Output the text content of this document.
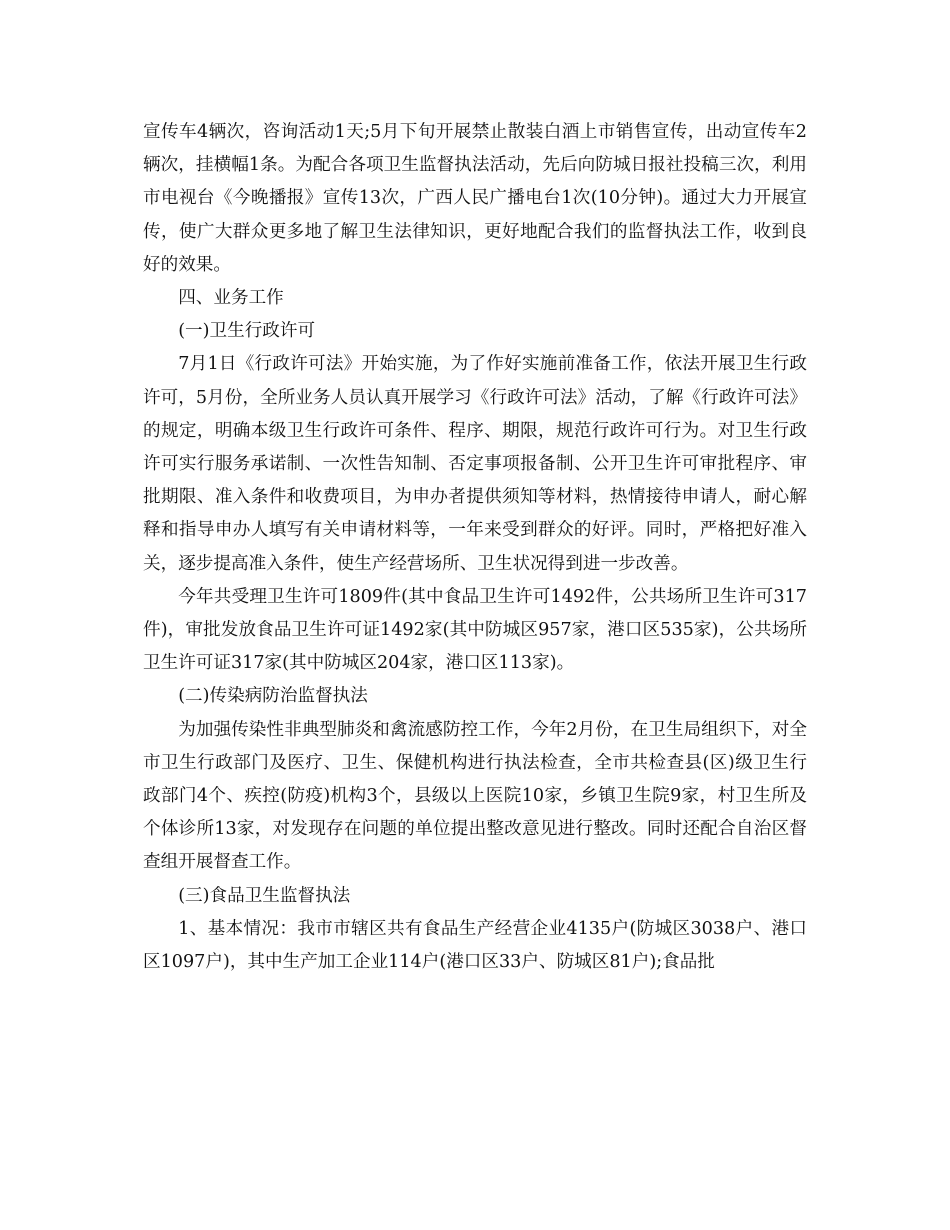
宣传车4辆次，咨询活动1天;5月下旬开展禁止散装白酒上市销售宣传，出动宣传车2辆次，挂横幅1条。为配合各项卫生监督执法活动，先后向防城日报社投稿三次，利用市电视台《今晚播报》宣传13次，广西人民广播电台1次(10分钟)。通过大力开展宣传，使广大群众更多地了解卫生法律知识，更好地配合我们的监督执法工作，收到良好的效果。

四、业务工作

(一)卫生行政许可

7月1日《行政许可法》开始实施，为了作好实施前准备工作，依法开展卫生行政许可，5月份，全所业务人员认真开展学习《行政许可法》活动，了解《行政许可法》的规定，明确本级卫生行政许可条件、程序、期限，规范行政许可行为。对卫生行政许可实行服务承诺制、一次性告知制、否定事项报备制、公开卫生许可审批程序、审批期限、准入条件和收费项目，为申办者提供须知等材料，热情接待申请人，耐心解释和指导申办人填写有关申请材料等，一年来受到群众的好评。同时，严格把好准入关，逐步提高准入条件，使生产经营场所、卫生状况得到进一步改善。

今年共受理卫生许可1809件(其中食品卫生许可1492件，公共场所卫生许可317件)，审批发放食品卫生许可证1492家(其中防城区957家，港口区535家)，公共场所卫生许可证317家(其中防城区204家，港口区113家)。

(二)传染病防治监督执法

为加强传染性非典型肺炎和禽流感防控工作，今年2月份，在卫生局组织下，对全市卫生行政部门及医疗、卫生、保健机构进行执法检查，全市共检查县(区)级卫生行政部门4个、疾控(防疫)机构3个，县级以上医院10家，乡镇卫生院9家，村卫生所及个体诊所13家，对发现存在问题的单位提出整改意见进行整改。同时还配合自治区督查组开展督查工作。

(三)食品卫生监督执法

1、基本情况：我市市辖区共有食品生产经营企业4135户(防城区3038户、港口区1097户)，其中生产加工企业114户(港口区33户、防城区81户);食品批
